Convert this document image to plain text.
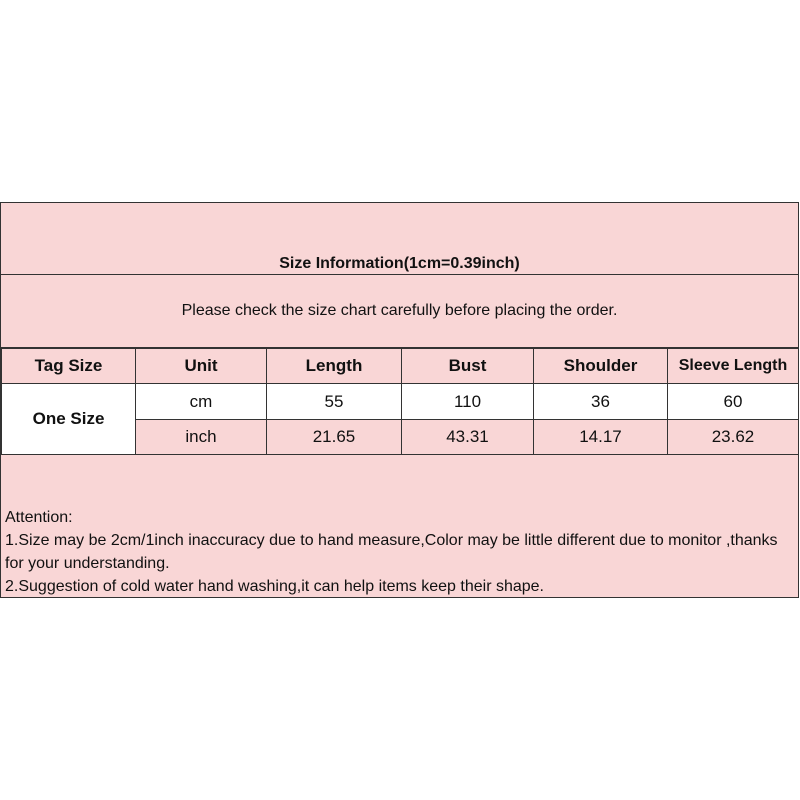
Size Information(1cm=0.39inch)
Please check the size chart carefully before placing the order.
Tag Size	Unit	Length	Bust	Shoulder	Sleeve Length
One Size	cm	55	110	36	60
	inch	21.65	43.31	14.17	23.62
Attention:
1.Size may be 2cm/1inch inaccuracy due to hand measure,Color may be little different due to monitor ,thanks for your understanding.
2.Suggestion of cold water hand washing,it can help items keep their shape.
